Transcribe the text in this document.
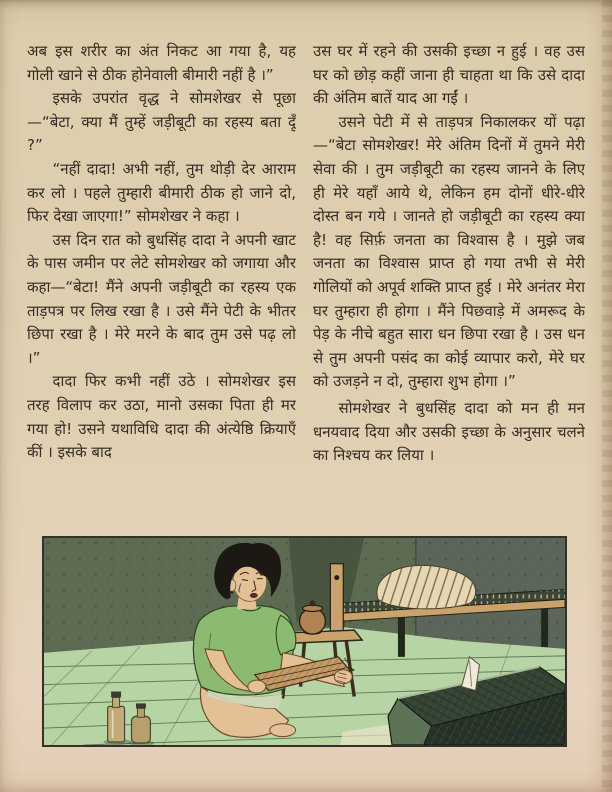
अब इस शरीर का अंत निकट आ गया है, यह गोली खाने से ठीक होनेवाली बीमारी नहीं है ।”

इसके उपरांत वृद्ध ने सोमशेखर से पूछा—“बेटा, क्या मैं तुम्हें जड़ीबूटी का रहस्य बता दूँ ?”

“नहीं दादा! अभी नहीं, तुम थोड़ी देर आराम कर लो । पहले तुम्हारी बीमारी ठीक हो जाने दो, फिर देखा जाएगा!” सोमशेखर ने कहा ।

उस दिन रात को बुधसिंह दादा ने अपनी खाट के पास जमीन पर लेटे सोमशेखर को जगाया और कहा—“बेटा! मैंने अपनी जड़ीबूटी का रहस्य एक ताड़पत्र पर लिख रखा है । उसे मैंने पेटी के भीतर छिपा रखा है । मेरे मरने के बाद तुम उसे पढ़ लो ।”

दादा फिर कभी नहीं उठे । सोमशेखर इस तरह विलाप कर उठा, मानो उसका पिता ही मर गया हो! उसने यथाविधि दादा की अंत्येष्ठि क्रियाएँ कीं । इसके बाद

उस घर में रहने की उसकी इच्छा न हुई । वह उस घर को छोड़ कहीं जाना ही चाहता था कि उसे दादा की अंतिम बातें याद आ गईं ।

उसने पेटी में से ताड़पत्र निकालकर यों पढ़ा—“बेटा सोमशेखर! मेरे अंतिम दिनों में तुमने मेरी सेवा की । तुम जड़ीबूटी का रहस्य जानने के लिए ही मेरे यहाँ आये थे, लेकिन हम दोनों धीरे-धीरे दोस्त बन गये । जानते हो जड़ीबूटी का रहस्य क्या है! वह सिर्फ़ जनता का विश्वास है । मुझे जब जनता का विश्वास प्राप्त हो गया तभी से मेरी गोलियों को अपूर्व शक्ति प्राप्त हुई । मेरे अनंतर मेरा घर तुम्हारा ही होगा । मैंने पिछवाड़े में अमरूद के पेड़ के नीचे बहुत सारा धन छिपा रखा है । उस धन से तुम अपनी पसंद का कोई व्यापार करो, मेरे घर को उजड़ने न दो, तुम्हारा शुभ होगा ।”

सोमशेखर ने बुधसिंह दादा को मन ही मन धनयवाद दिया और उसकी इच्छा के अनुसार चलने का निश्चय कर लिया ।

Vandan…
